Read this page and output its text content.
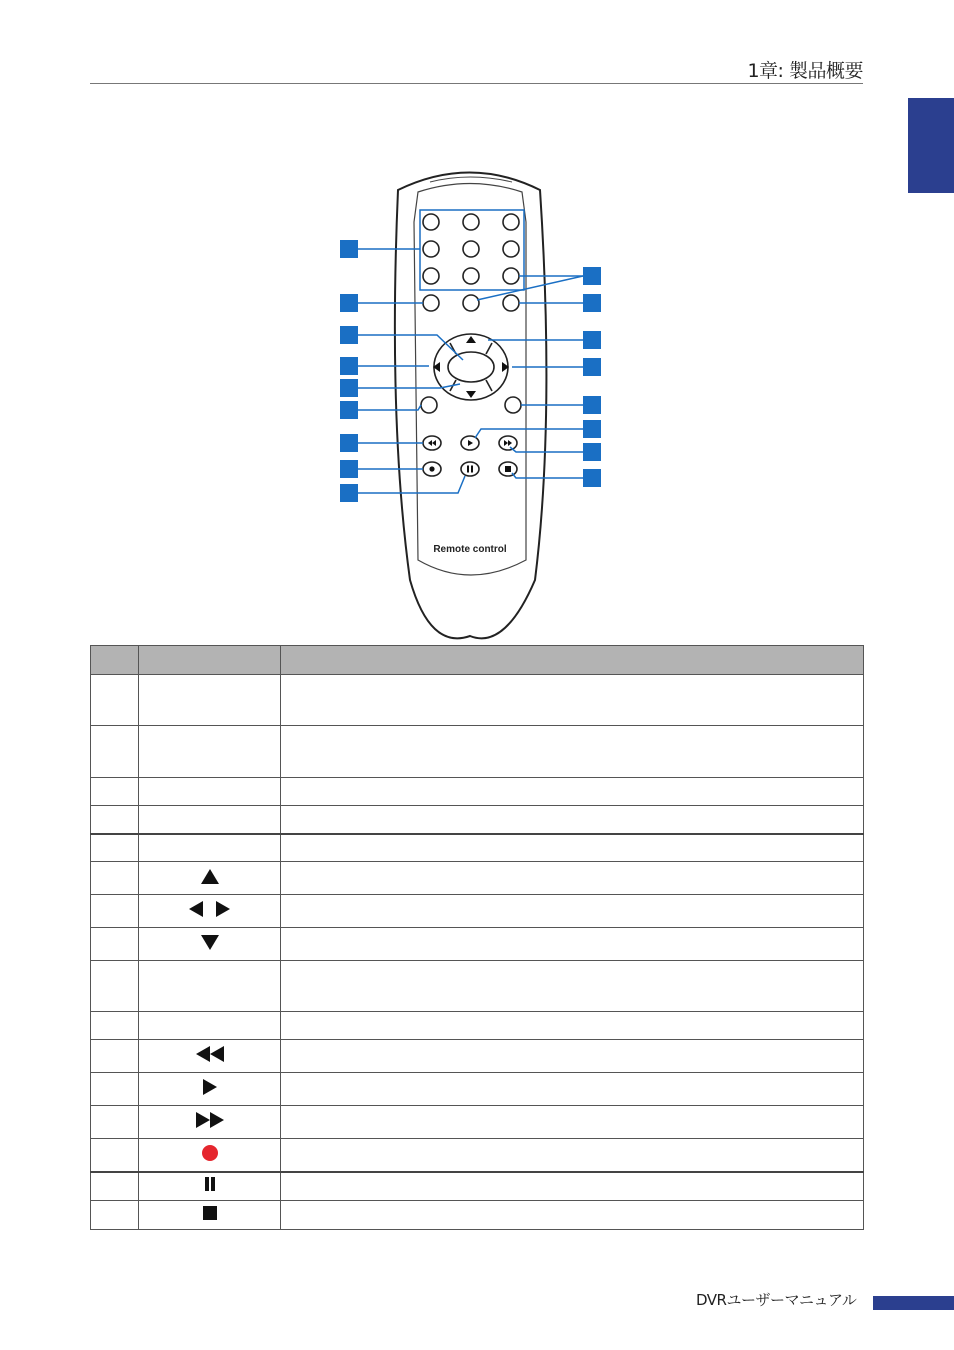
1章: 製品概要
Remote control

DVRユーザーマニュアル
